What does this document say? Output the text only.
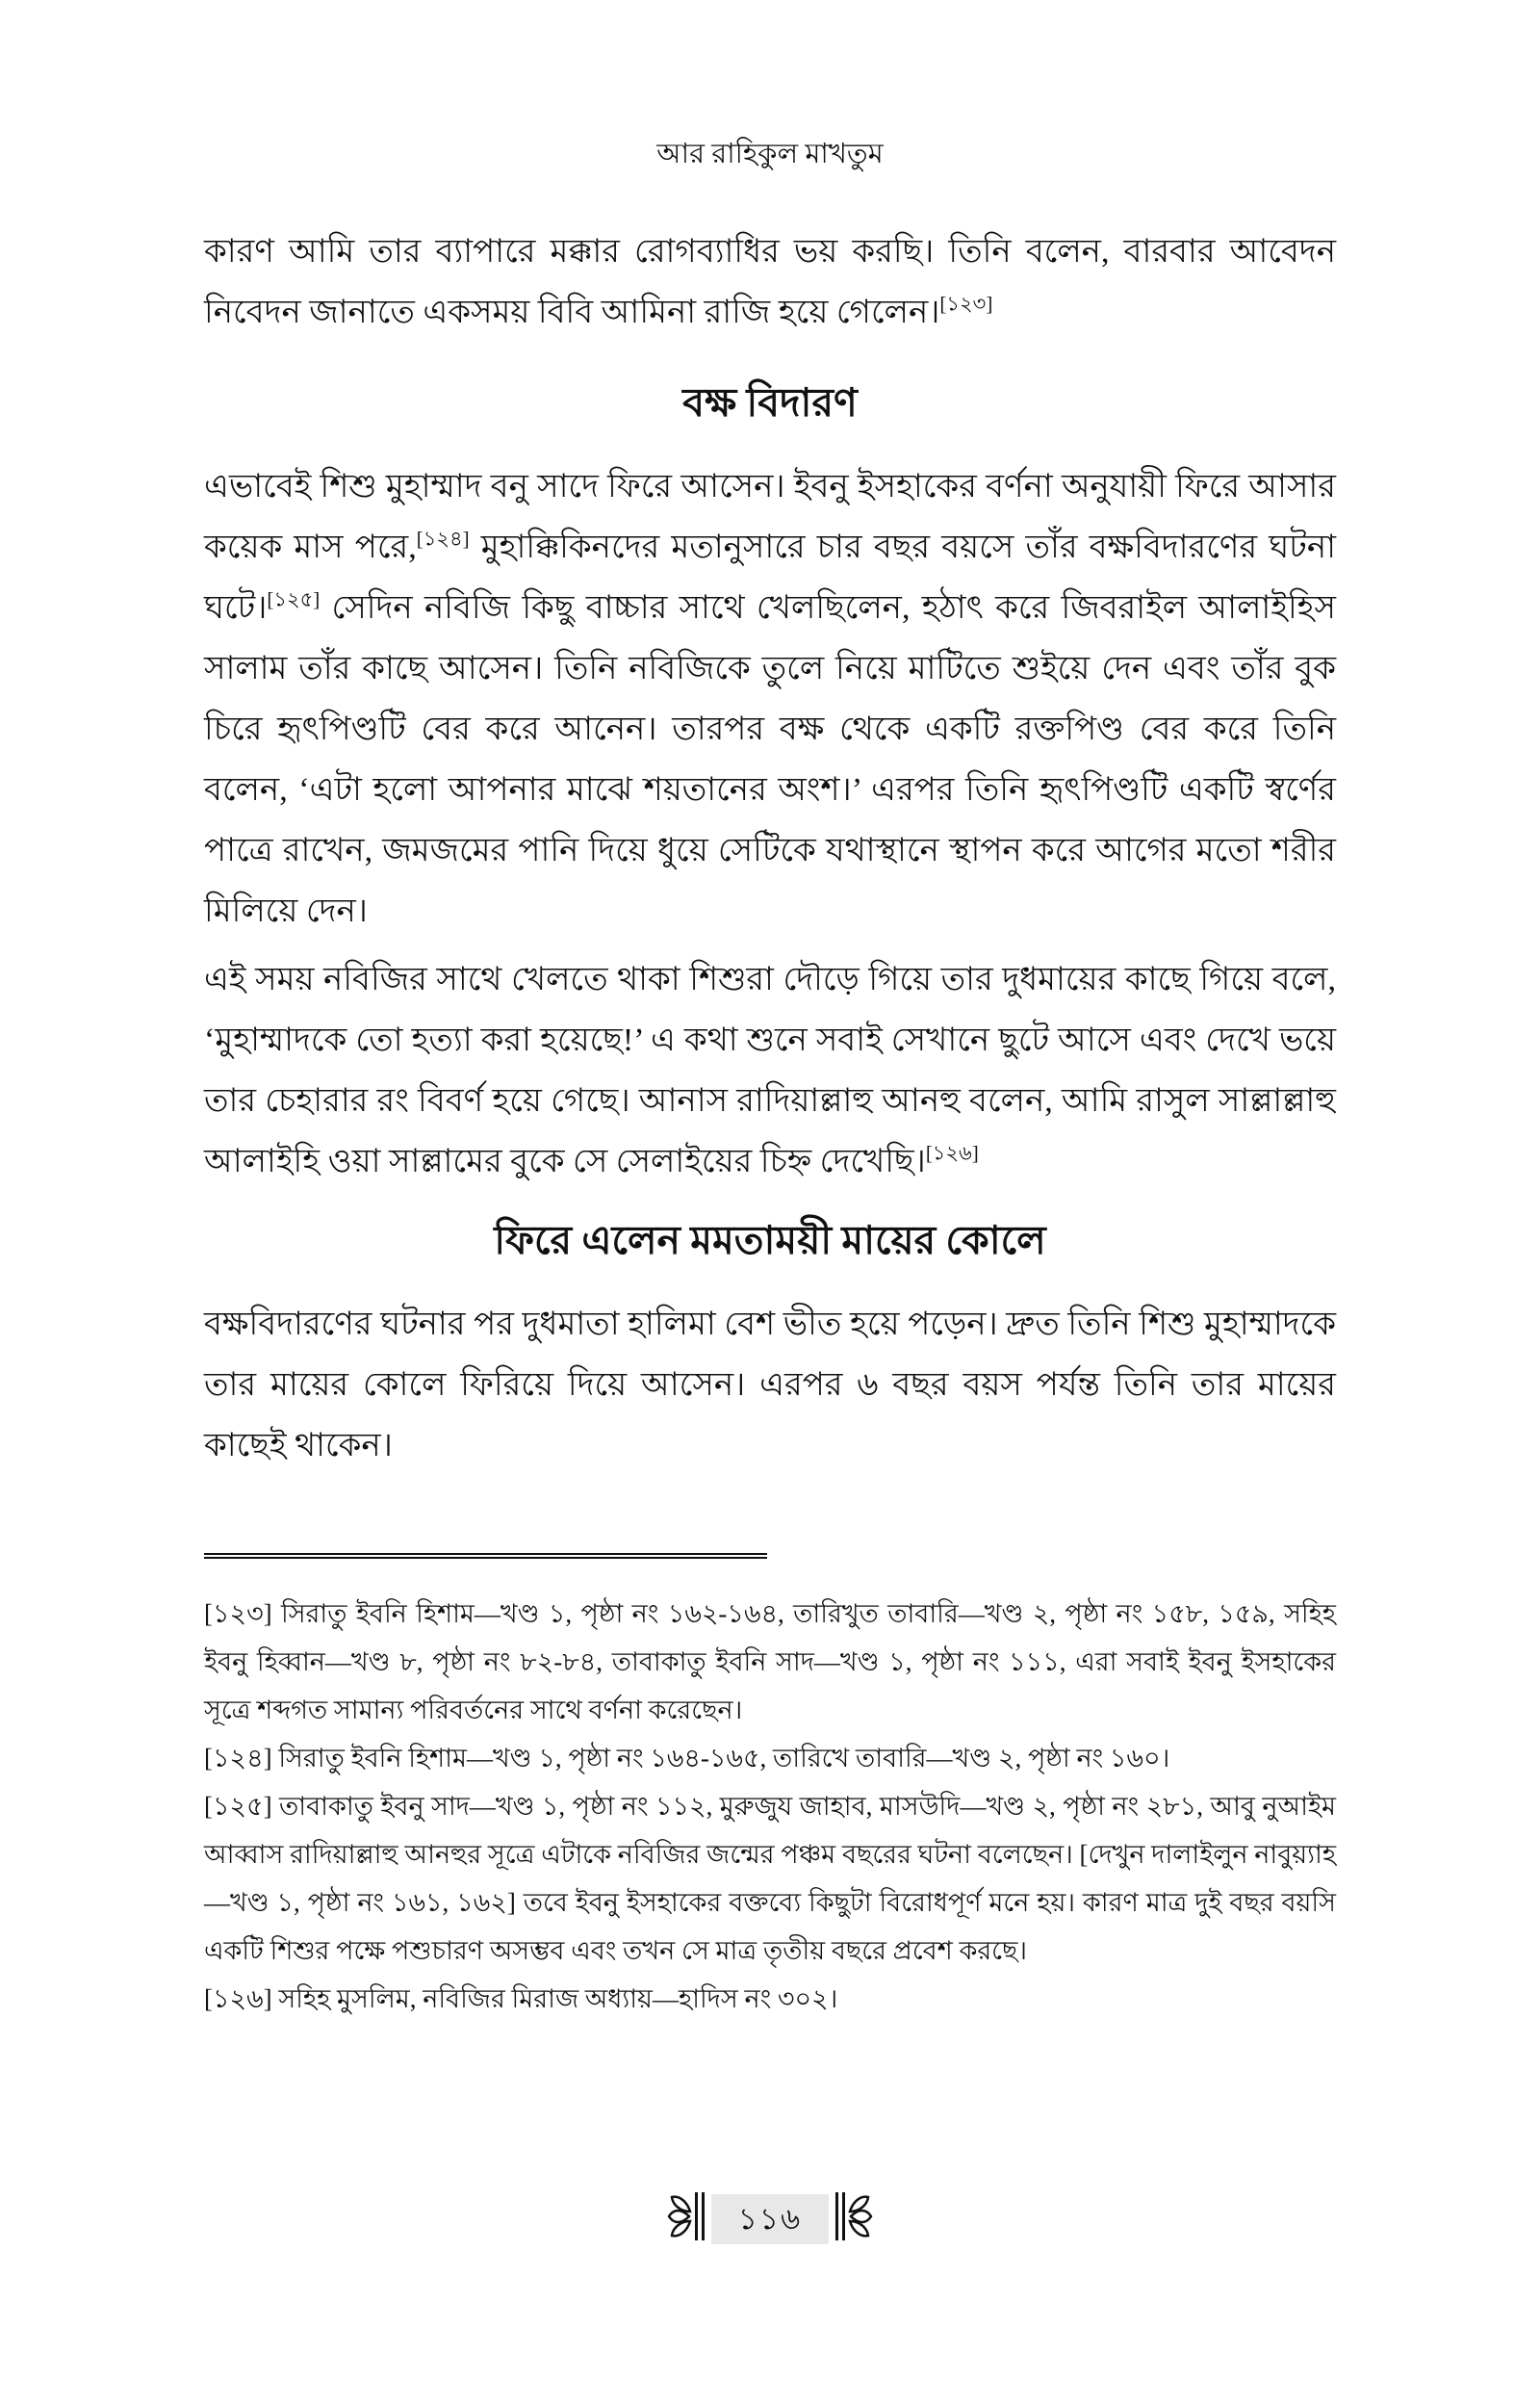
আর রাহিকুল মাখতুম

কারণ আমি তার ব্যাপারে মক্কার রোগব্যাধির ভয় করছি। তিনি বলেন, বারবার আবেদন নিবেদন জানাতে একসময় বিবি আমিনা রাজি হয়ে গেলেন।[১২৩]

বক্ষ বিদারণ

এভাবেই শিশু মুহাম্মাদ বনু সাদে ফিরে আসেন। ইবনু ইসহাকের বর্ণনা অনুযায়ী ফিরে আসার কয়েক মাস পরে,[১২৪] মুহাক্কিকিনদের মতানুসারে চার বছর বয়সে তাঁর বক্ষবিদারণের ঘটনা ঘটে।[১২৫] সেদিন নবিজি কিছু বাচ্চার সাথে খেলছিলেন, হঠাৎ করে জিবরাইল আলাইহিস সালাম তাঁর কাছে আসেন। তিনি নবিজিকে তুলে নিয়ে মাটিতে শুইয়ে দেন এবং তাঁর বুক চিরে হৃৎপিণ্ডটি বের করে আনেন। তারপর বক্ষ থেকে একটি রক্তপিণ্ড বের করে তিনি বলেন, ‘এটা হলো আপনার মাঝে শয়তানের অংশ।’ এরপর তিনি হৃৎপিণ্ডটি একটি স্বর্ণের পাত্রে রাখেন, জমজমের পানি দিয়ে ধুয়ে সেটিকে যথাস্থানে স্থাপন করে আগের মতো শরীর মিলিয়ে দেন।

এই সময় নবিজির সাথে খেলতে থাকা শিশুরা দৌড়ে গিয়ে তার দুধমায়ের কাছে গিয়ে বলে, ‘মুহাম্মাদকে তো হত্যা করা হয়েছে!’ এ কথা শুনে সবাই সেখানে ছুটে আসে এবং দেখে ভয়ে তার চেহারার রং বিবর্ণ হয়ে গেছে। আনাস রাদিয়াল্লাহু আনহু বলেন, আমি রাসুল সাল্লাল্লাহু আলাইহি ওয়া সাল্লামের বুকে সে সেলাইয়ের চিহ্ন দেখেছি।[১২৬]

ফিরে এলেন মমতাময়ী মায়ের কোলে

বক্ষবিদারণের ঘটনার পর দুধমাতা হালিমা বেশ ভীত হয়ে পড়েন। দ্রুত তিনি শিশু মুহাম্মাদকে তার মায়ের কোলে ফিরিয়ে দিয়ে আসেন। এরপর ৬ বছর বয়স পর্যন্ত তিনি তার মায়ের কাছেই থাকেন।

[১২৩] সিরাতু ইবনি হিশাম—খণ্ড ১, পৃষ্ঠা নং ১৬২-১৬৪, তারিখুত তাবারি—খণ্ড ২, পৃষ্ঠা নং ১৫৮, ১৫৯, সহিহ ইবনু হিব্বান—খণ্ড ৮, পৃষ্ঠা নং ৮২-৮৪, তাবাকাতু ইবনি সাদ—খণ্ড ১, পৃষ্ঠা নং ১১১, এরা সবাই ইবনু ইসহাকের সূত্রে শব্দগত সামান্য পরিবর্তনের সাথে বর্ণনা করেছেন।

[১২৪] সিরাতু ইবনি হিশাম—খণ্ড ১, পৃষ্ঠা নং ১৬৪-১৬৫, তারিখে তাবারি—খণ্ড ২, পৃষ্ঠা নং ১৬০।

[১২৫] তাবাকাতু ইবনু সাদ—খণ্ড ১, পৃষ্ঠা নং ১১২, মুরুজুয জাহাব, মাসউদি—খণ্ড ২, পৃষ্ঠা নং ২৮১, আবু নুআইম আব্বাস রাদিয়াল্লাহু আনহুর সূত্রে এটাকে নবিজির জন্মের পঞ্চম বছরের ঘটনা বলেছেন। [দেখুন দালাইলুন নাবুয়্যাহ—খণ্ড ১, পৃষ্ঠা নং ১৬১, ১৬২] তবে ইবনু ইসহাকের বক্তব্যে কিছুটা বিরোধপূর্ণ মনে হয়। কারণ মাত্র দুই বছর বয়সি একটি শিশুর পক্ষে পশুচারণ অসম্ভব এবং তখন সে মাত্র তৃতীয় বছরে প্রবেশ করছে।

[১২৬] সহিহ মুসলিম, নবিজির মিরাজ অধ্যায়—হাদিস নং ৩০২।

১১৬
